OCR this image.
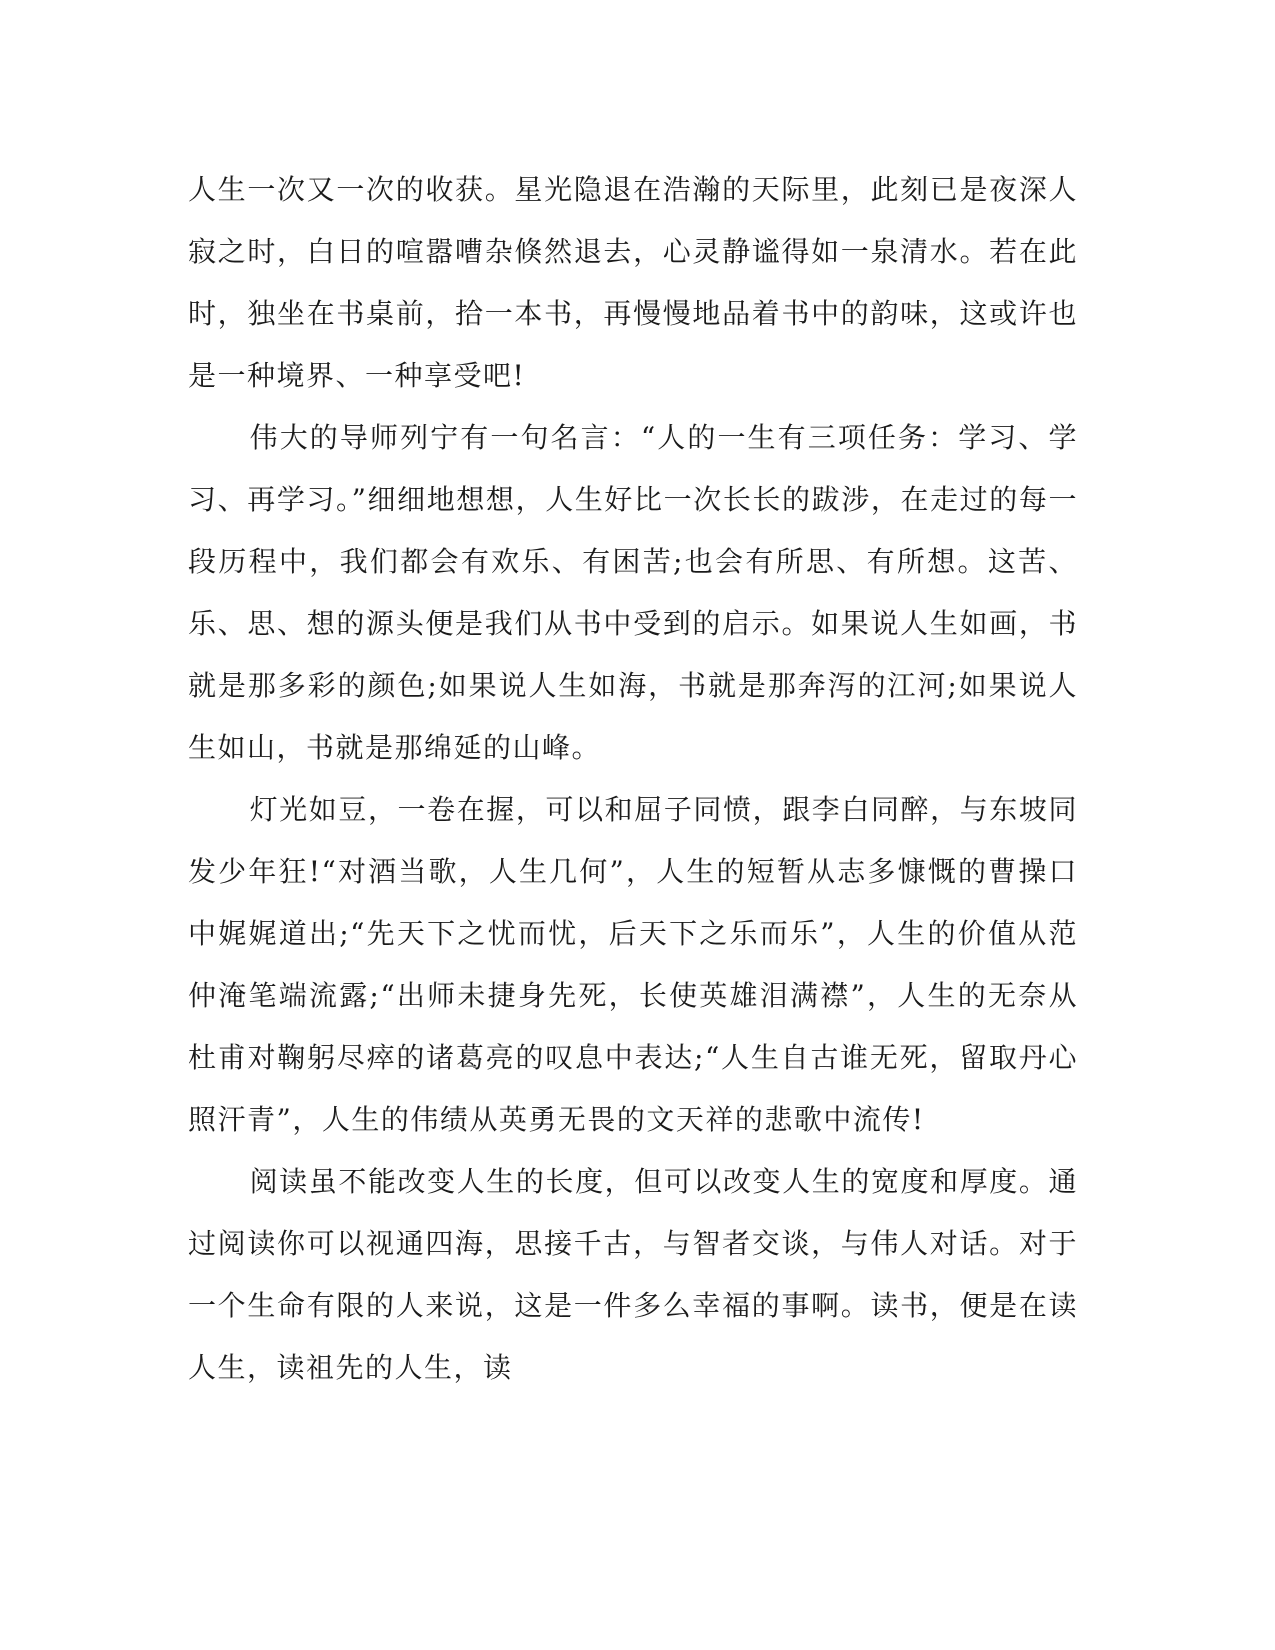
人生一次又一次的收获。星光隐退在浩瀚的天际里，此刻已是夜深人寂之时，白日的喧嚣嘈杂倏然退去，心灵静谧得如一泉清水。若在此时，独坐在书桌前，拾一本书，再慢慢地品着书中的韵味，这或许也是一种境界、一种享受吧!

伟大的导师列宁有一句名言：“人的一生有三项任务：学习、学习、再学习。”细细地想想，人生好比一次长长的跋涉，在走过的每一段历程中，我们都会有欢乐、有困苦;也会有所思、有所想。这苦、乐、思、想的源头便是我们从书中受到的启示。如果说人生如画，书就是那多彩的颜色;如果说人生如海，书就是那奔泻的江河;如果说人生如山，书就是那绵延的山峰。

灯光如豆，一卷在握，可以和屈子同愤，跟李白同醉，与东坡同发少年狂!“对酒当歌，人生几何”，人生的短暂从志多慷慨的曹操口中娓娓道出;“先天下之忧而忧，后天下之乐而乐”，人生的价值从范仲淹笔端流露;“出师未捷身先死，长使英雄泪满襟”，人生的无奈从杜甫对鞠躬尽瘁的诸葛亮的叹息中表达;“人生自古谁无死，留取丹心照汗青”，人生的伟绩从英勇无畏的文天祥的悲歌中流传!

阅读虽不能改变人生的长度，但可以改变人生的宽度和厚度。通过阅读你可以视通四海，思接千古，与智者交谈，与伟人对话。对于一个生命有限的人来说，这是一件多么幸福的事啊。读书，便是在读人生，读祖先的人生，读
